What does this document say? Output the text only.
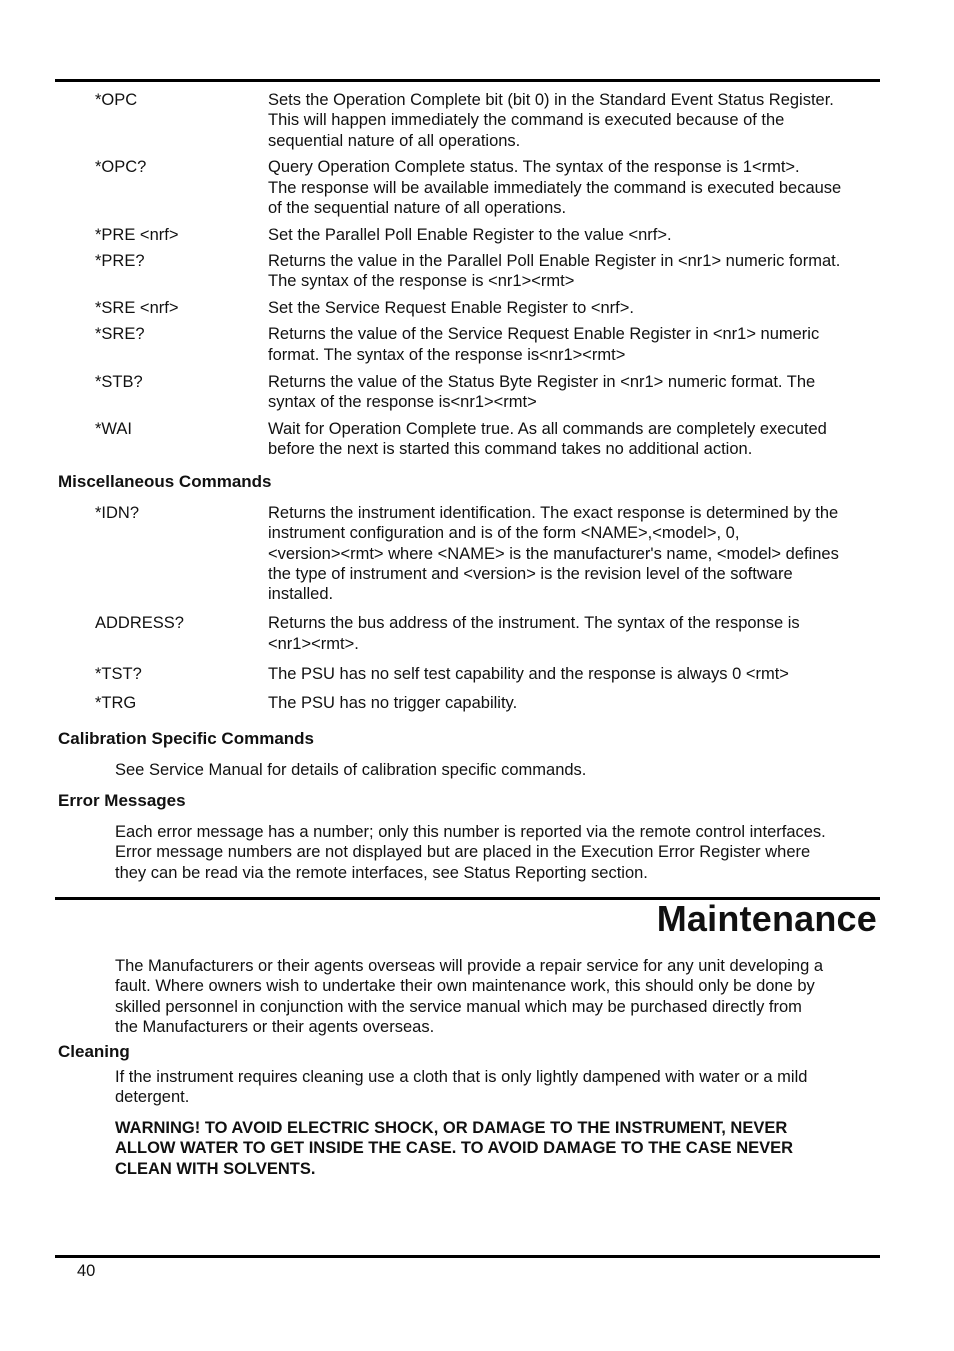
*OPC	Sets the Operation Complete bit (bit 0) in the Standard Event Status Register.
This will happen immediately the command is executed because of the
sequential nature of all operations.
*OPC?	Query Operation Complete status. The syntax of the response is 1<rmt>.
The response will be available immediately the command is executed because
of the sequential nature of all operations.
*PRE <nrf>	Set the Parallel Poll Enable Register to the value <nrf>.
*PRE?	Returns the value in the Parallel Poll Enable Register in <nr1> numeric format.
The syntax of the response is <nr1><rmt>
*SRE <nrf>	Set the Service Request Enable Register to <nrf>.
*SRE?	Returns the value of the Service Request Enable Register in <nr1> numeric
format. The syntax of the response is<nr1><rmt>
*STB?	Returns the value of the Status Byte Register in <nr1> numeric format. The
syntax of the response is<nr1><rmt>
*WAI	Wait for Operation Complete true. As all commands are completely executed
before the next is started this command takes no additional action.
Miscellaneous Commands
*IDN?	Returns the instrument identification. The exact response is determined by the
instrument configuration and is of the form <NAME>,<model>, 0,
<version><rmt> where <NAME> is the manufacturer's name, <model> defines
the type of instrument and <version> is the revision level of the software
installed.
ADDRESS?	Returns the bus address of the instrument. The syntax of the response is
<nr1><rmt>.
*TST?	The PSU has no self test capability and the response is always 0 <rmt>
*TRG	The PSU has no trigger capability.
Calibration Specific Commands

See Service Manual for details of calibration specific commands.

Error Messages

Each error message has a number; only this number is reported via the remote control interfaces.
Error message numbers are not displayed but are placed in the Execution Error Register where
they can be read via the remote interfaces, see Status Reporting section.

Maintenance

The Manufacturers or their agents overseas will provide a repair service for any unit developing a
fault. Where owners wish to undertake their own maintenance work, this should only be done by
skilled personnel in conjunction with the service manual which may be purchased directly from
the Manufacturers or their agents overseas.

Cleaning

If the instrument requires cleaning use a cloth that is only lightly dampened with water or a mild
detergent.

WARNING! TO AVOID ELECTRIC SHOCK, OR DAMAGE TO THE INSTRUMENT, NEVER
ALLOW WATER TO GET INSIDE THE CASE. TO AVOID DAMAGE TO THE CASE NEVER
CLEAN WITH SOLVENTS.

40
